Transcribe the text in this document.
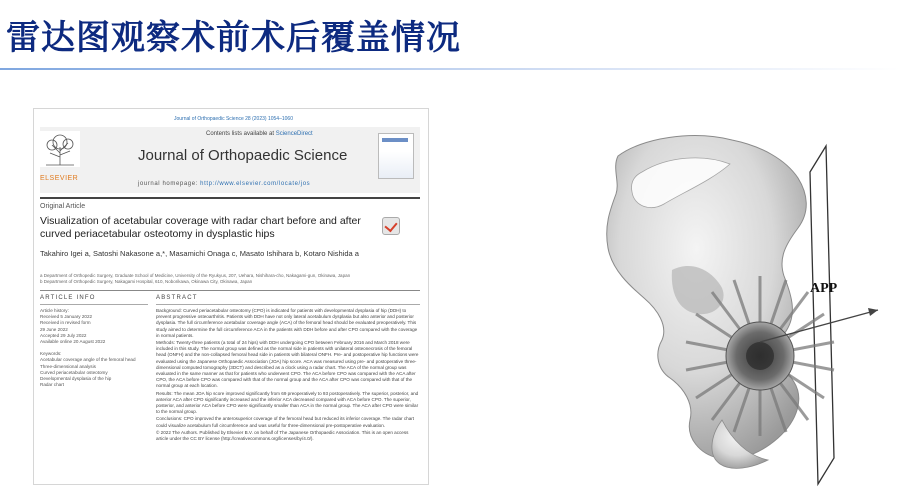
雷达图观察术前术后覆盖情况
Journal of Orthopaedic Science 28 (2023) 1054–1060
ELSEVIER
Contents lists available at ScienceDirect
Journal of Orthopaedic Science
journal homepage: http://www.elsevier.com/locate/jos
Original Article
Visualization of acetabular coverage with radar chart before and after curved periacetabular osteotomy in dysplastic hips
Takahiro Igei a, Satoshi Nakasone a,*, Masamichi Onaga c, Masato Ishihara b, Kotaro Nishida a
a Department of Orthopedic Surgery, Graduate School of Medicine, University of the Ryukyus, 207, Uehara, Nishihara-cho, Nakagami-gun, Okinawa, Japan
b Department of Orthopedic Surgery, Nakagami Hospital, 610, Noborikawa, Okinawa City, Okinawa, Japan
ARTICLE INFO	ABSTRACT
Article history:
Received 5 January 2022
Received in revised form
29 June 2022
Accepted 29 July 2022
Available online 20 August 2022
Keywords:
Acetabular coverage angle of the femoral head
Three-dimensional analysis
Curved periacetabular osteotomy
Developmental dysplasia of the hip
Radar chart

Background: Curved periacetabular osteotomy (CPO) is indicated for patients with developmental dysplasia of hip (DDH) to prevent progressive osteoarthritis. Patients with DDH have not only lateral acetabulum dysplasia but also anterior and posterior dysplasia. The full circumference acetabular coverage angle (ACA) of the femoral head should be evaluated preoperatively. This study aimed to determine the full circumference ACA in the patients with DDH before and after CPO compared with the coverage in normal patients.

Methods: Twenty-three patients (a total of 24 hips) with DDH undergoing CPO between February 2016 and March 2018 were included in this study. The normal group was defined as the normal side in patients with unilateral osteonecrosis of the femoral head (ONFH) and the non-collapsed femoral head side in patients with bilateral ONFH. Pre- and postoperative hip functions were evaluated using the Japanese Orthopaedic Association (JOA) hip score. ACA was measured using pre- and postoperative three-dimensional computed tomography (3DCT) and described as a clock using a radar chart. The ACA of the normal group was evaluated in the same manner as that for patients who underwent CPO. The ACA before CPO was compared with the ACA after CPO, the ACA before CPO was compared with that of the normal group and the ACA after CPO was compared with that of the normal group at each location.

Results: The mean JOA hip score improved significantly from 69 preoperatively to 93 postoperatively. The superior, posterior, and anterior ACA after CPO significantly increased and the inferior ACA decreased compared with ACA before CPO. The superior, posterior, and anterior ACA before CPO were significantly smaller than ACA in the normal group. The ACA after CPO were similar to the normal group.

Conclusions: CPO improved the anterosuperior coverage of the femoral head but reduced its inferior coverage. The radar chart could visualize acetabulum full circumference and was useful for three-dimensional pre-postoperative evaluation.

© 2022 The Authors. Published by Elsevier B.V. on behalf of The Japanese Orthopaedic Association. This is an open access article under the CC BY license (http://creativecommons.org/licenses/by/4.0/).

APP
